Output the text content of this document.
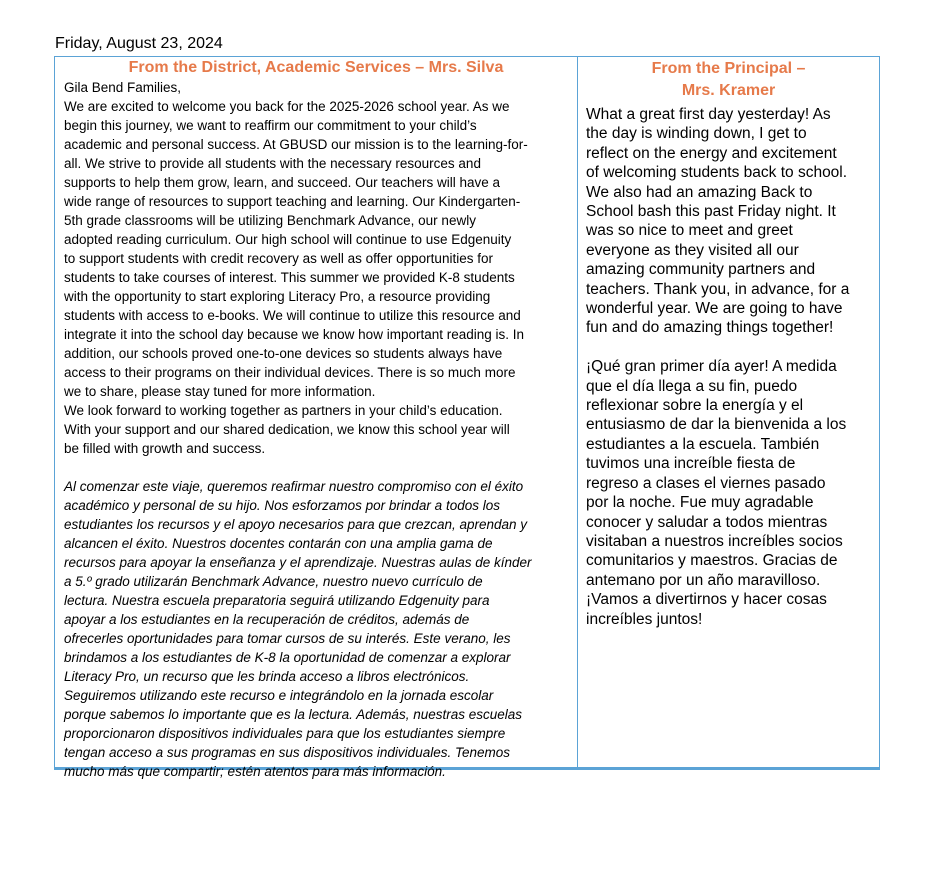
Friday, August 23, 2024
From the District, Academic Services – Mrs. Silva
Gila Bend Families,
We are excited to welcome you back for the 2025-2026 school year. As we
begin this journey, we want to reaffirm our commitment to your child’s
academic and personal success. At GBUSD our mission is to the learning-for-
all. We strive to provide all students with the necessary resources and
supports to help them grow, learn, and succeed. Our teachers will have a
wide range of resources to support teaching and learning. Our Kindergarten-
5th grade classrooms will be utilizing Benchmark Advance, our newly
adopted reading curriculum. Our high school will continue to use Edgenuity
to support students with credit recovery as well as offer opportunities for
students to take courses of interest. This summer we provided K-8 students
with the opportunity to start exploring Literacy Pro, a resource providing
students with access to e-books. We will continue to utilize this resource and
integrate it into the school day because we know how important reading is. In
addition, our schools proved one-to-one devices so students always have
access to their programs on their individual devices. There is so much more
we to share, please stay tuned for more information.
We look forward to working together as partners in your child’s education.
With your support and our shared dedication, we know this school year will
be filled with growth and success.
Al comenzar este viaje, queremos reafirmar nuestro compromiso con el éxito
académico y personal de su hijo. Nos esforzamos por brindar a todos los
estudiantes los recursos y el apoyo necesarios para que crezcan, aprendan y
alcancen el éxito. Nuestros docentes contarán con una amplia gama de
recursos para apoyar la enseñanza y el aprendizaje. Nuestras aulas de kínder
a 5.º grado utilizarán Benchmark Advance, nuestro nuevo currículo de
lectura. Nuestra escuela preparatoria seguirá utilizando Edgenuity para
apoyar a los estudiantes en la recuperación de créditos, además de
ofrecerles oportunidades para tomar cursos de su interés. Este verano, les
brindamos a los estudiantes de K-8 la oportunidad de comenzar a explorar
Literacy Pro, un recurso que les brinda acceso a libros electrónicos.
Seguiremos utilizando este recurso e integrándolo en la jornada escolar
porque sabemos lo importante que es la lectura. Además, nuestras escuelas
proporcionaron dispositivos individuales para que los estudiantes siempre
tengan acceso a sus programas en sus dispositivos individuales. Tenemos
mucho más que compartir; estén atentos para más información.
From the Principal –
Mrs. Kramer
What a great first day yesterday! As
the day is winding down, I get to
reflect on the energy and excitement
of welcoming students back to school.
We also had an amazing Back to
School bash this past Friday night. It
was so nice to meet and greet
everyone as they visited all our
amazing community partners and
teachers. Thank you, in advance, for a
wonderful year. We are going to have
fun and do amazing things together!
¡Qué gran primer día ayer! A medida
que el día llega a su fin, puedo
reflexionar sobre la energía y el
entusiasmo de dar la bienvenida a los
estudiantes a la escuela. También
tuvimos una increíble fiesta de
regreso a clases el viernes pasado
por la noche. Fue muy agradable
conocer y saludar a todos mientras
visitaban a nuestros increíbles socios
comunitarios y maestros. Gracias de
antemano por un año maravilloso.
¡Vamos a divertirnos y hacer cosas
increíbles juntos!
